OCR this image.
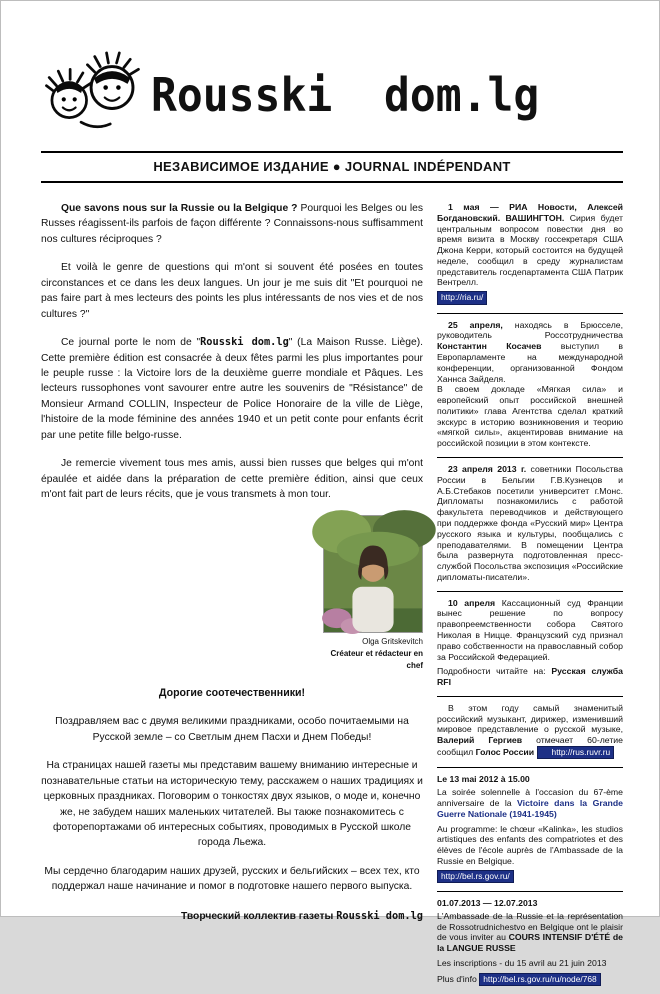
Rousski  dom.lg
НЕЗАВИСИМОЕ ИЗДАНИЕ ● JOURNAL INDÉPENDANT

Que savons nous sur la Russie ou la Belgique ? Pourquoi les Belges ou les Russes réagissent-ils parfois de façon différente ? Connaissons-nous suffisamment nos cultures réciproques ?

Et voilà le genre de questions qui m'ont si souvent été posées en toutes circonstances et ce dans les deux langues. Un jour je me suis dit "Et pourquoi ne pas faire part à mes lecteurs des points les plus intéressants de nos vies et de nos cultures ?"

Ce journal porte le nom de "Rousski dom.lg" (La Maison Russe. Liège). Cette première édition est consacrée à deux fêtes parmi les plus importantes pour le peuple russe : la Victoire lors de la deuxième guerre mondiale et Pâques. Les lecteurs russophones vont savourer entre autre les souvenirs de "Résistance" de Monsieur Armand COLLIN, Inspecteur de Police Honoraire de la ville de Liège, l'histoire de la mode féminine des années 1940 et un petit conte pour enfants écrit par une petite fille belgo-russe.

Je remercie vivement tous mes amis, aussi bien russes que belges qui m'ont épaulée et aidée dans la préparation de cette première édition, ainsi que ceux m'ont fait part de leurs récits, que je vous transmets à mon tour.

Olga Gritskevitch
Créateur et rédacteur en chef
Дорогие соотечественники!

Поздравляем вас с двумя великими праздниками, особо почитаемыми на Русской земле – со Светлым днем Пасхи и Днем Победы!

На страницах нашей газеты мы представим вашему вниманию интересные и познавательные статьи на историческую тему, расскажем о наших традициях и церковных праздниках. Поговорим о тонкостях двух языков, о моде и, конечно же, не забудем наших маленьких читателей. Вы также познакомитесь с фоторепортажами об интересных событиях, проводимых в Русской школе города Льежа.

Мы сердечно благодарим наших друзей, русских и бельгийских – всех тех, кто поддержал наше начинание и помог в подготовке нашего первого выпуска.

Творческий коллектив газеты Rousski dom.lg

1 мая — РИА Новости, Алексей Богдановский. ВАШИНГТОН. Сирия будет центральным вопросом повестки дня во время визита в Москву госсекретаря США Джона Керри, который состоится на будущей неделе, сообщил в среду журналистам представитель госдепартамента США Патрик Вентрелл.

http://ria.ru/

25 апреля, находясь в Брюсселе, руководитель Россотрудничества Константин Косачев выступил в Европарламенте на международной конференции, организованной Фондом Ханнса Зайделя.
В своем докладе «Мягкая сила» и европейский опыт российской внешней политики» глава Агентства сделал краткий экскурс в историю возникновения и теорию «мягкой силы», акцентировав внимание на российской позиции в этом контексте.

23 апреля 2013 г. советники Посольства России в Бельгии Г.В.Кузнецов и А.Б.Стебаков посетили университет г.Монс. Дипломаты познакомились с работой факультета переводчиков и действующего при поддержке фонда «Русский мир» Центра русского языка и культуры, пообщались с преподавателями. В помещении Центра была развернута подготовленная пресс-службой Посольства экспозиция «Российские дипломаты-писатели».

10 апреля Кассационный суд Франции вынес решение по вопросу правопреемственности собора Святого Николая в Ницце. Французский суд признал право собственности на православный собор за Российской Федерацией.

Подробности читайте на: Русская служба RFI

В этом году самый знаменитый российский музыкант, дирижер, изменивший мировое представление о русской музыке, Валерий Гергиев отмечает 60-летие сообщил Голос России http://rus.ruvr.ru

Le 13 mai 2012 à 15.00
La soirée solennelle à l'occasion du 67-ème anniversaire de la Victoire dans la Grande Guerre Nationale (1941-1945)

Au programme: le chœur «Kalinka», les studios artistiques des enfants des compatriotes et des élèves de l'école auprès de l'Ambassade de la Russie en Belgique.

http://bel.rs.gov.ru/

01.07.2013 — 12.07.2013
L'Ambassade de la Russie et la représentation de Rossotrudnichestvo en Belgique ont le plaisir de vous inviter au COURS INTENSIF D'ÉTÉ de la LANGUE RUSSE

Les inscriptions - du 15 avril au 21 juin 2013

Plus d'info http://bel.rs.gov.ru/ru/node/768
